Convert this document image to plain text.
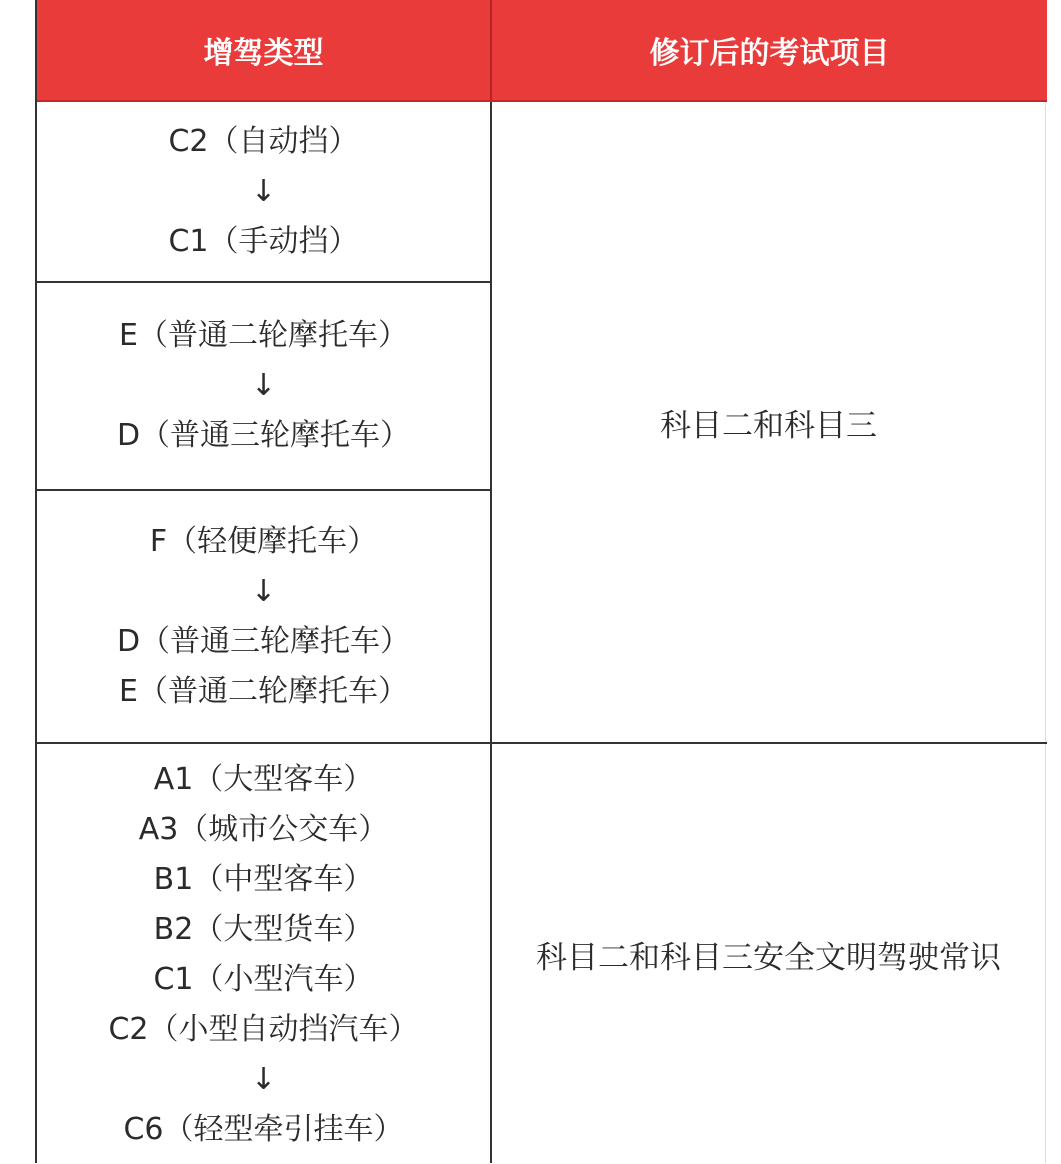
增驾类型	修订后的考试项目
C2（自动挡）
↓
C1（手动挡）
E（普通二轮摩托车）
↓
D（普通三轮摩托车）
F（轻便摩托车）
↓
D（普通三轮摩托车）
E（普通二轮摩托车）
科目二和科目三
A1（大型客车）
A3（城市公交车）
B1（中型客车）
B2（大型货车）
C1（小型汽车）
C2（小型自动挡汽车）
↓
C6（轻型牵引挂车）
科目二和科目三安全文明驾驶常识
